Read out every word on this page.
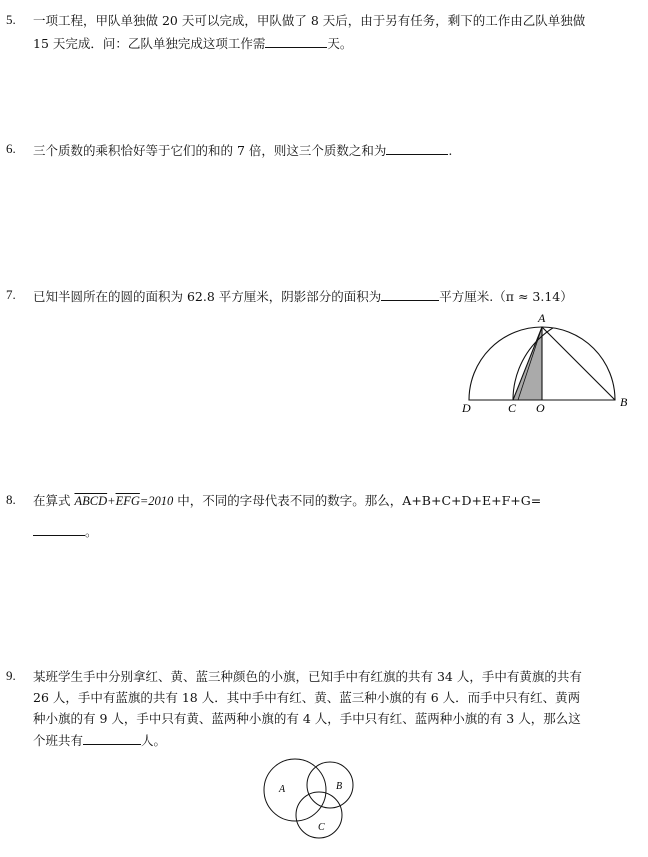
5. 一项工程，甲队单独做 20 天可以完成，甲队做了 8 天后，由于另有任务，剩下的工作由乙队单独做
15 天完成．问：乙队单独完成这项工作需	天。
6. 三个质数的乘积恰好等于它们的和的 7 倍，则这三个质数之和为	.
7. 已知半圆所在的圆的面积为 62.8 平方厘米，阴影部分的面积为	平方厘米.（π ≈ 3.14）
A
B
C
D	O
8. 在算式 $ABCD+\overline{EFG}=2010$ 中，不同的字母代表不同的数字。那么，A+B+C+D+E+F+G=
。
9. 某班学生手中分别拿红、黄、蓝三种颜色的小旗，已知手中有红旗的共有 34 人，手中有黄旗的共有
26 人，手中有蓝旗的共有 18 人．其中手中有红、黄、蓝三种小旗的有 6 人．而手中只有红、黄两
种小旗的有 9 人，手中只有黄、蓝两种小旗的有 4 人，手中只有红、蓝两种小旗的有 3 人，那么这
个班共有	人。
A	B
C
